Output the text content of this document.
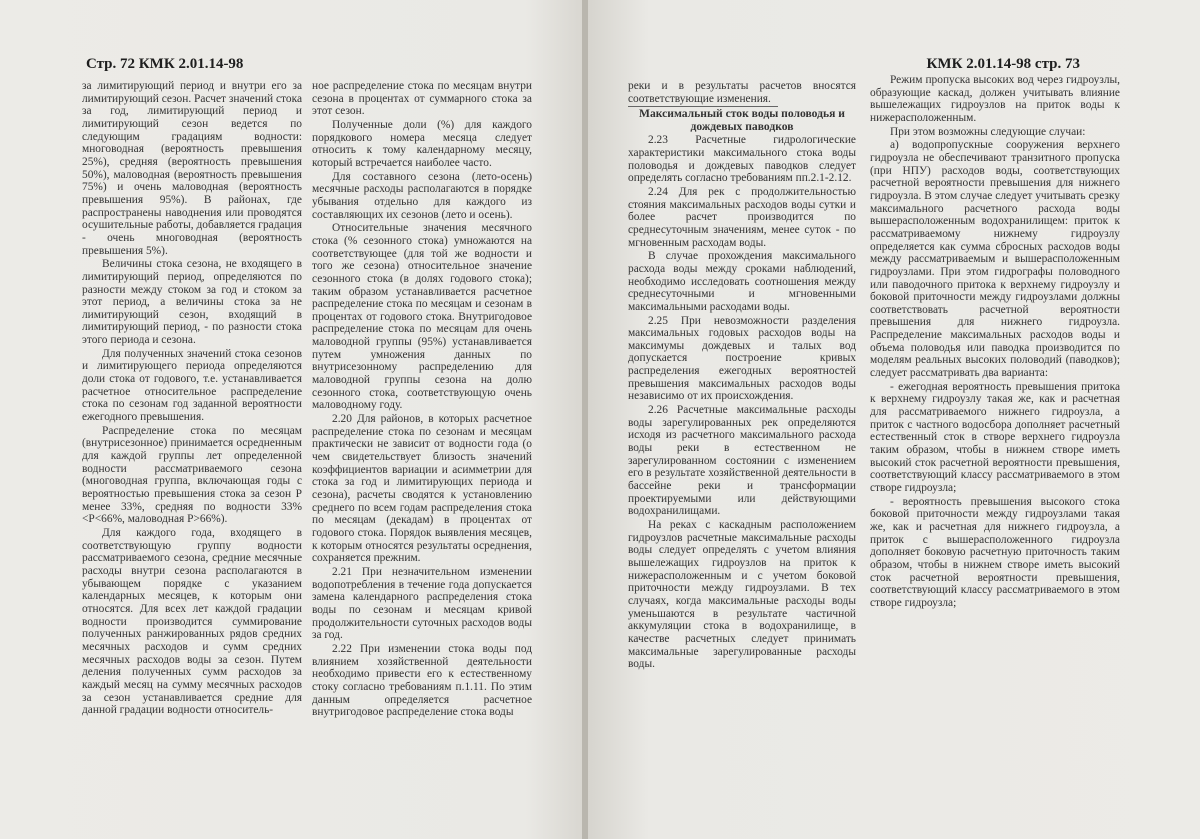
Стр. 72 КМК 2.01.14-98

за лимитирующий период и внутри его за лимитирующий сезон. Расчет значений стока за год, лимитирующий период и лимитирующий сезон ведется по следующим градациям водности: многоводная (вероятность превышения 25%), средняя (вероятность превышения 50%), маловодная (вероятность превышения 75%) и очень маловодная (вероятность превышения 95%). В районах, где распространены наводнения или проводятся осушительные работы, добавляется градация - очень многоводная (вероятность превышения 5%).

Величины стока сезона, не входящего в лимитирующий период, определяются по разности между стоком за год и стоком за этот период, а величины стока за не лимитирующий сезон, входящий в лимитирующий период, - по разности стока этого периода и сезона.

Для полученных значений стока сезонов и лимитирующего периода определяются доли стока от годового, т.е. устанавливается расчетное относительное распределение стока по сезонам год заданной вероятности ежегодного превышения.

Распределение стока по месяцам (внутрисезонное) принимается осредненным для каждой группы лет определенной водности рассматриваемого сезона (многоводная группа, включающая годы с вероятностью превышения стока за сезон P менее 33%, средняя по водности 33%<P<66%, маловодная P>66%).

Для каждого года, входящего в соответствующую группу водности рассматриваемого сезона, средние месячные расходы внутри сезона располагаются в убывающем порядке с указанием календарных месяцев, к которым они относятся. Для всех лет каждой градации водности производится суммирование полученных ранжированных рядов средних месячных расходов и сумм средних месячных расходов воды за сезон. Путем деления полученных сумм расходов за каждый месяц на сумму месячных расходов за сезон устанавливается средние для данной градации водности относитель-

ное распределение стока по месяцам внутри сезона в процентах от суммарного стока за этот сезон.

Полученные доли (%) для каждого порядкового номера месяца следует относить к тому календарному месяцу, который встречается наиболее часто.

Для составного сезона (лето-осень) месячные расходы располагаются в порядке убывания отдельно для каждого из составляющих их сезонов (лето и осень).

Относительные значения месячного стока (% сезонного стока) умножаются на соответствующее (для той же водности и того же сезона) относительное значение сезонного стока (в долях годового стока); таким образом устанавливается расчетное распределение стока по месяцам и сезонам в процентах от годового стока. Внутригодовое распределение стока по месяцам для очень маловодной группы (95%) устанавливается путем умножения данных по внутрисезонному распределению для маловодной группы сезона на долю сезонного стока, соответствующую очень маловодному году.

2.20 Для районов, в которых расчетное распределение стока по сезонам и месяцам практически не зависит от водности года (о чем свидетельствует близость значений коэффициентов вариации и асимметрии для стока за год и лимитирующих периода и сезона), расчеты сводятся к установлению среднего по всем годам распределения стока по месяцам (декадам) в процентах от годового стока. Порядок выявления месяцев, к которым относятся результаты осреднения, сохраняется прежним.

2.21 При незначительном изменении водопотребления в течение года допускается замена календарного распределения стока воды по сезонам и месяцам кривой продолжительности суточных расходов воды за год.

2.22 При изменении стока воды под влиянием хозяйственной деятельности необходимо привести его к естественному стоку согласно требованиям п.1.11. По этим данным определяется расчетное внутригодовое распределение стока воды

КМК 2.01.14-98 стр. 73

реки и в результаты расчетов вносятся соответствующие изменения.

Максимальный сток воды половодья и дождевых паводков

2.23 Расчетные гидрологические характеристики максимального стока воды половодья и дождевых паводков следует определять согласно требованиям пп.2.1-2.12.

2.24 Для рек с продолжительностью стояния максимальных расходов воды сутки и более расчет производится по среднесуточным значениям, менее суток - по мгновенным расходам воды.

В случае прохождения максимального расхода воды между сроками наблюдений, необходимо исследовать соотношения между среднесуточными и мгновенными максимальными расходами воды.

2.25 При невозможности разделения максимальных годовых расходов воды на максимумы дождевых и талых вод допускается построение кривых распределения ежегодных вероятностей превышения максимальных расходов воды независимо от их происхождения.

2.26 Расчетные максимальные расходы воды зарегулированных рек определяются исходя из расчетного максимального расхода воды реки в естественном не зарегулированном состоянии с изменением его в результате хозяйственной деятельности в бассейне реки и трансформации проектируемыми или действующими водохранилищами.

На реках с каскадным расположением гидроузлов расчетные максимальные расходы воды следует определять с учетом влияния вышележащих гидроузлов на приток к нижерасположенным и с учетом боковой приточности между гидроузлами. В тех случаях, когда максимальные расходы воды уменьшаются в результате частичной аккумуляции стока в водохранилище, в качестве расчетных следует принимать максимальные зарегулированные расходы воды.

Режим пропуска высоких вод через гидроузлы, образующие каскад, должен учитывать влияние вышележащих гидроузлов на приток воды к нижерасположенным.

При этом возможны следующие случаи:

а) водопропускные сооружения верхнего гидроузла не обеспечивают транзитного пропуска (при НПУ) расходов воды, соответствующих расчетной вероятности превышения для нижнего гидроузла. В этом случае следует учитывать срезку максимального расчетного расхода воды вышерасположенным водохранилищем: приток к рассматриваемому нижнему гидроузлу определяется как сумма сбросных расходов воды между рассматриваемым и вышерасположенным гидроузлами. При этом гидрографы половодного или паводочного притока к верхнему гидроузлу и боковой приточности между гидроузлами должны соответствовать расчетной вероятности превышения для нижнего гидроузла. Распределение максимальных расходов воды и объема половодья или паводка производится по моделям реальных высоких половодий (паводков); следует рассматривать два варианта:

- ежегодная вероятность превышения притока к верхнему гидроузлу такая же, как и расчетная для рассматриваемого нижнего гидроузла, а приток с частного водосбора дополняет расчетный естественный сток в створе верхнего гидроузла таким образом, чтобы в нижнем створе иметь высокий сток расчетной вероятности превышения, соответствующий классу рассматриваемого в этом створе гидроузла;

- вероятность превышения высокого стока боковой приточности между гидроузлами такая же, как и расчетная для нижнего гидроузла, а приток с вышерасположенного гидроузла дополняет боковую расчетную приточность таким образом, чтобы в нижнем створе иметь высокий сток расчетной вероятности превышения, соответствующий классу рассматриваемого в этом створе гидроузла;
